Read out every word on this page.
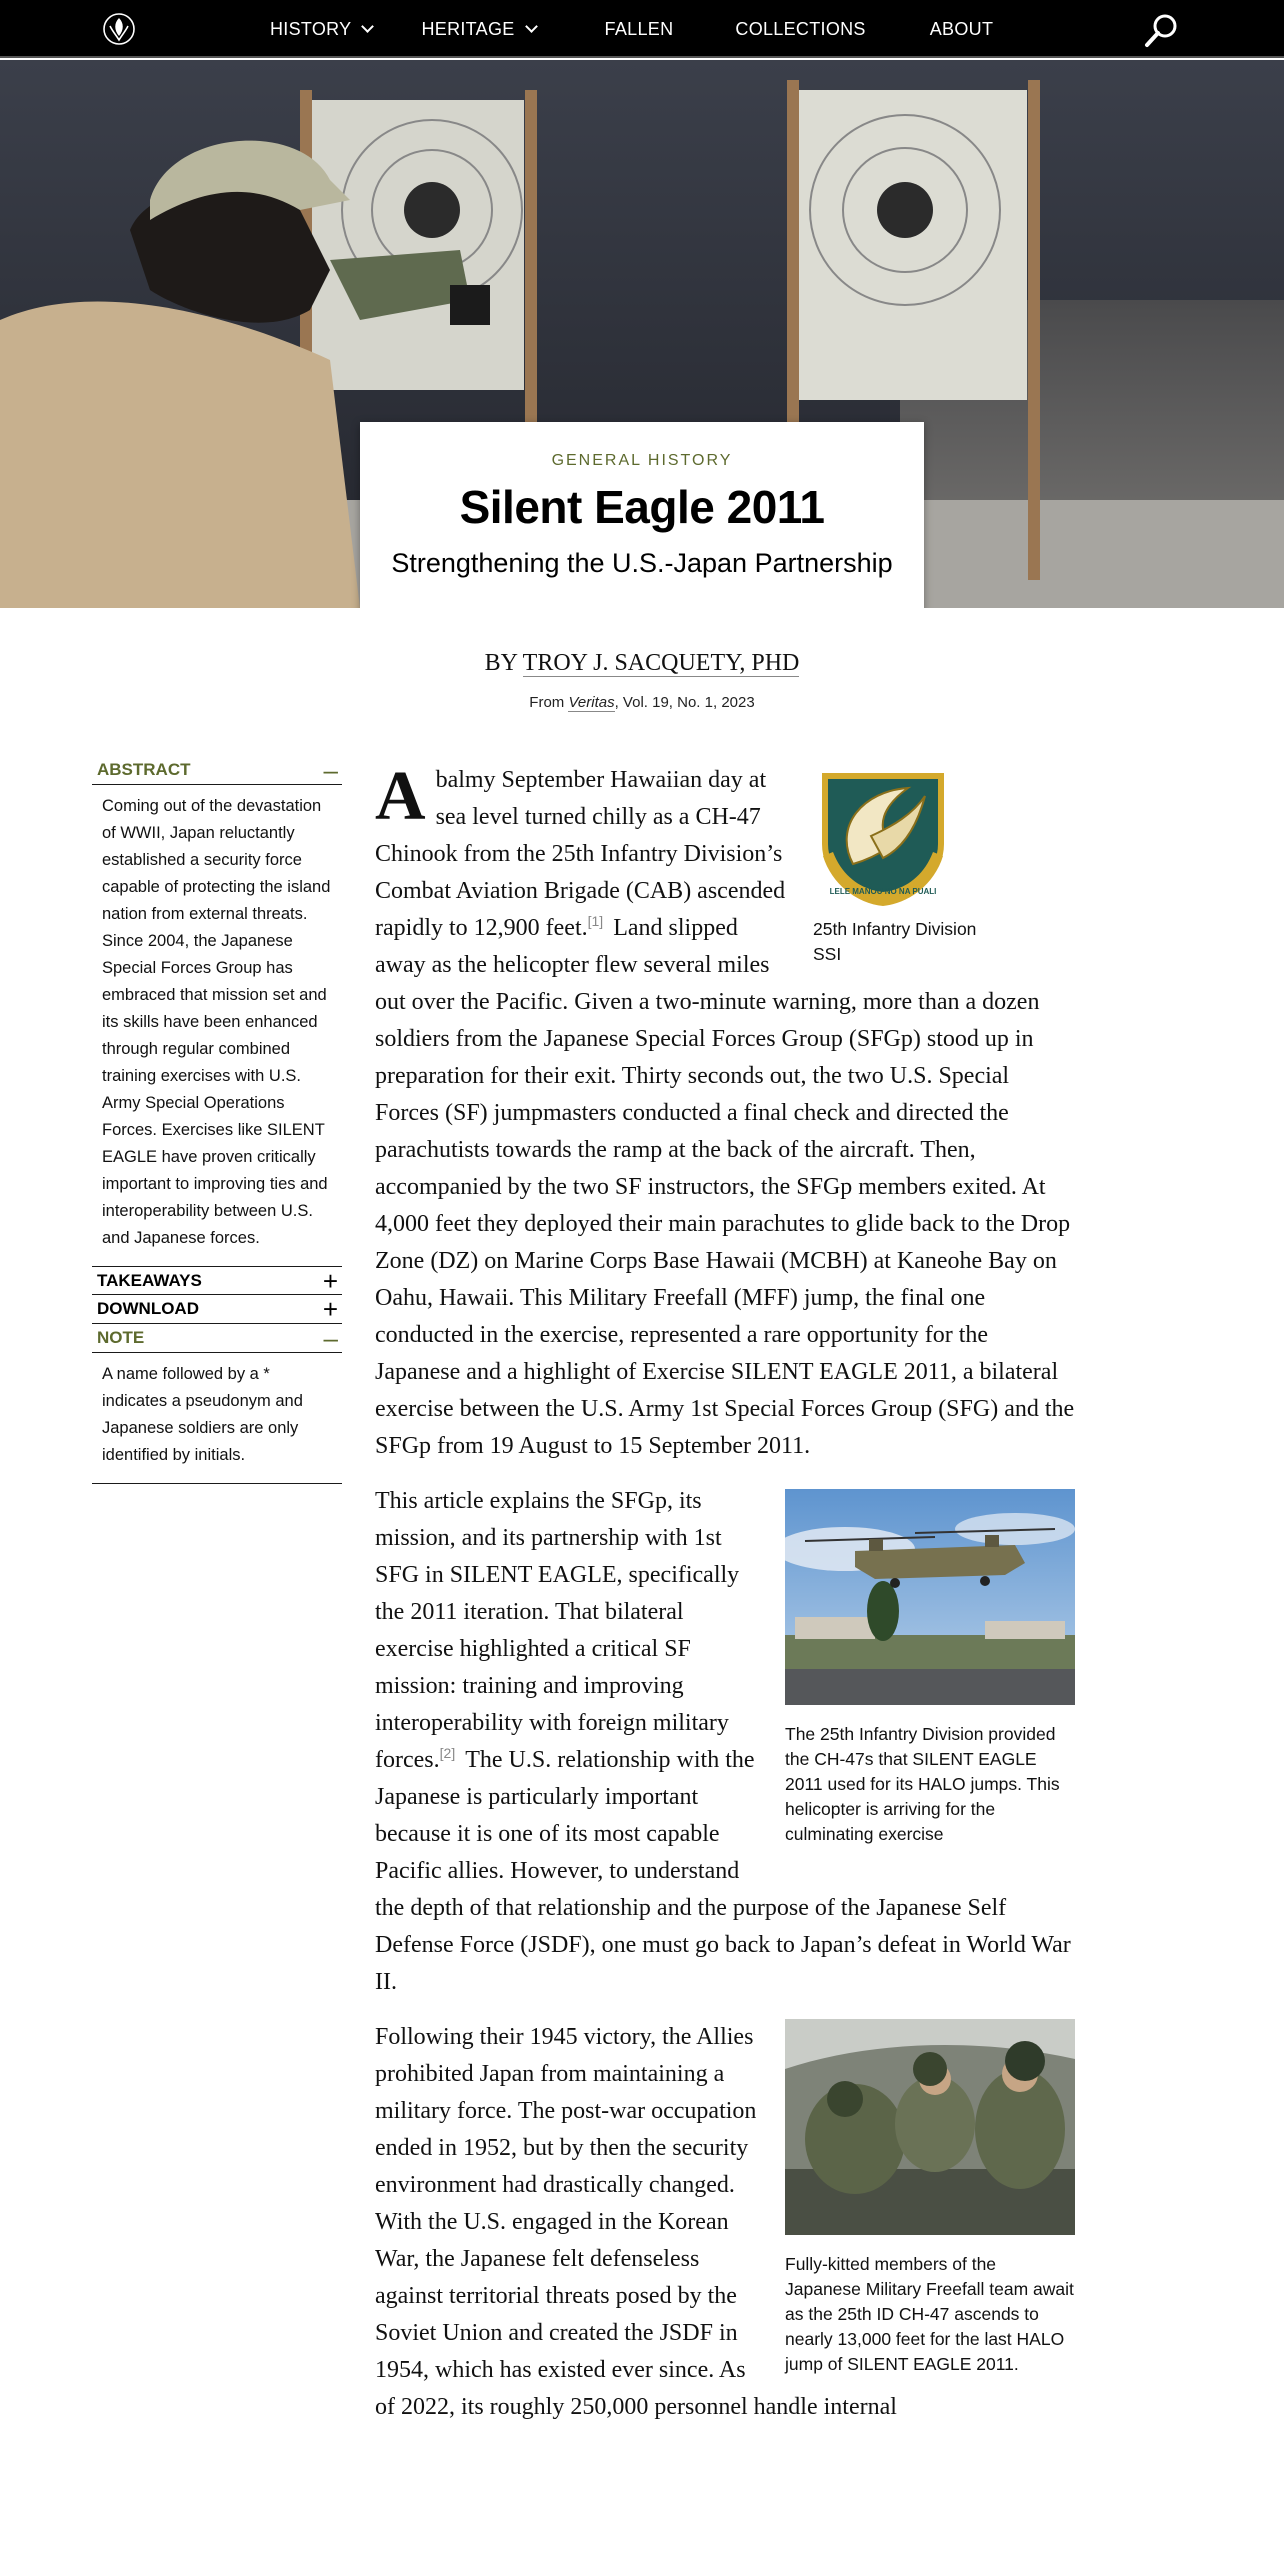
HISTORY	HERITAGE	FALLEN	COLLECTIONS	ABOUT
GENERAL HISTORY
Silent Eagle 2011
Strengthening the U.S.-Japan Partnership
BY TROY J. SACQUETY, PHD
From Veritas, Vol. 19, No. 1, 2023
ABSTRACT	–
Coming out of the devastation of WWII, Japan reluctantly established a security force capable of protecting the island nation from external threats. Since 2004, the Japanese Special Forces Group has embraced that mission set and its skills have been enhanced through regular combined training exercises with U.S. Army Special Operations Forces. Exercises like SILENT EAGLE have proven critically important to improving ties and interoperability between U.S. and Japanese forces.
TAKEAWAYS	+
DOWNLOAD	+
NOTE	–
A name followed by a * indicates a pseudonym and Japanese soldiers are only identified by initials.
LELE MANOU NO NA PUALI
25th Infantry Division SSI

A balmy September Hawaiian day at sea level turned chilly as a CH-47 Chinook from the 25th Infantry Division’s Combat Aviation Brigade (CAB) ascended rapidly to 12,900 feet.[1] Land slipped away as the helicopter flew several miles out over the Pacific. Given a two-minute warning, more than a dozen soldiers from the Japanese Special Forces Group (SFGp) stood up in preparation for their exit. Thirty seconds out, the two U.S. Special Forces (SF) jumpmasters conducted a final check and directed the parachutists towards the ramp at the back of the aircraft. Then, accompanied by the two SF instructors, the SFGp members exited. At 4,000 feet they deployed their main parachutes to glide back to the Drop Zone (DZ) on Marine Corps Base Hawaii (MCBH) at Kaneohe Bay on Oahu, Hawaii. This Military Freefall (MFF) jump, the final one conducted in the exercise, represented a rare opportunity for the Japanese and a highlight of Exercise SILENT EAGLE 2011, a bilateral exercise between the U.S. Army 1st Special Forces Group (SFG) and the SFGp from 19 August to 15 September 2011.

The 25th Infantry Division provided the CH-47s that SILENT EAGLE 2011 used for its HALO jumps. This helicopter is arriving for the culminating exercise

This article explains the SFGp, its mission, and its partnership with 1st SFG in SILENT EAGLE, specifically the 2011 iteration. That bilateral exercise highlighted a critical SF mission: training and improving interoperability with foreign military forces.[2] The U.S. relationship with the Japanese is particularly important because it is one of its most capable Pacific allies. However, to understand the depth of that relationship and the purpose of the Japanese Self Defense Force (JSDF), one must go back to Japan’s defeat in World War II.

Fully-kitted members of the Japanese Military Freefall team await as the 25th ID CH-47 ascends to nearly 13,000 feet for the last HALO jump of SILENT EAGLE 2011.

Following their 1945 victory, the Allies prohibited Japan from maintaining a military force. The post-war occupation ended in 1952, but by then the security environment had drastically changed. With the U.S. engaged in the Korean War, the Japanese felt defenseless against territorial threats posed by the Soviet Union and created the JSDF in 1954, which has existed ever since. As of 2022, its roughly 250,000 personnel handle internal
